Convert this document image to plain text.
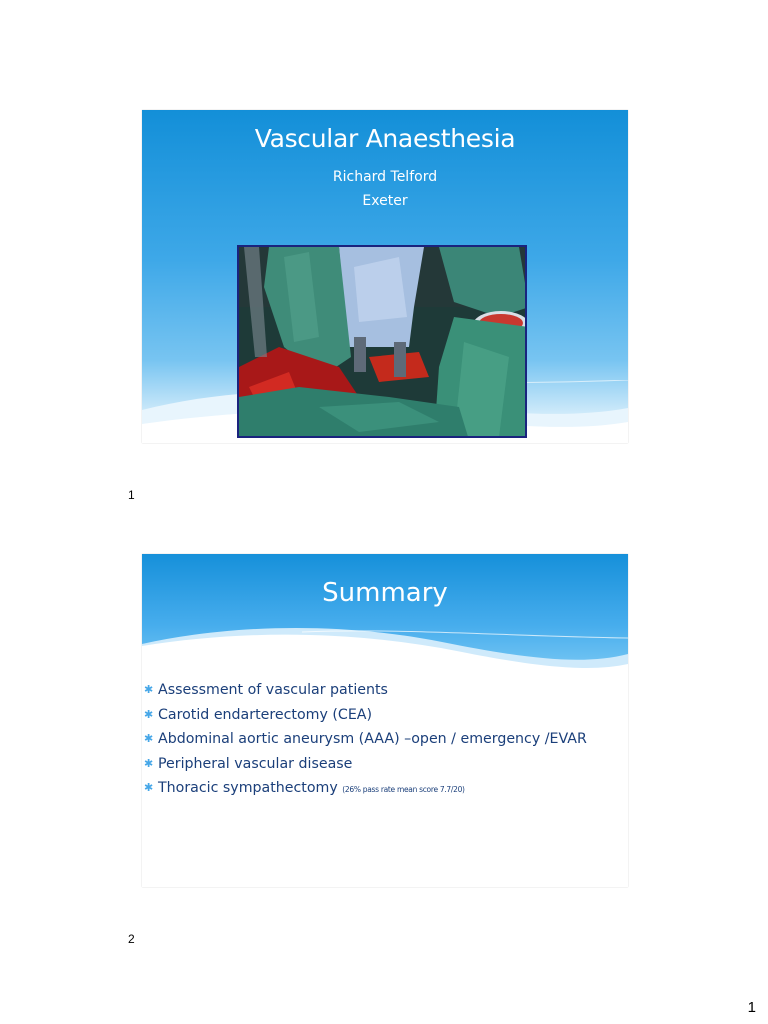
Vascular Anaesthesia
Richard Telford
Exeter
1
Summary
✱ Assessment of vascular patients
✱ Carotid endarterectomy (CEA)
✱ Abdominal aortic aneurysm (AAA) –open / emergency /EVAR
✱ Peripheral vascular disease
✱ Thoracic sympathectomy (26% pass rate mean score 7.7/20)
2
1
